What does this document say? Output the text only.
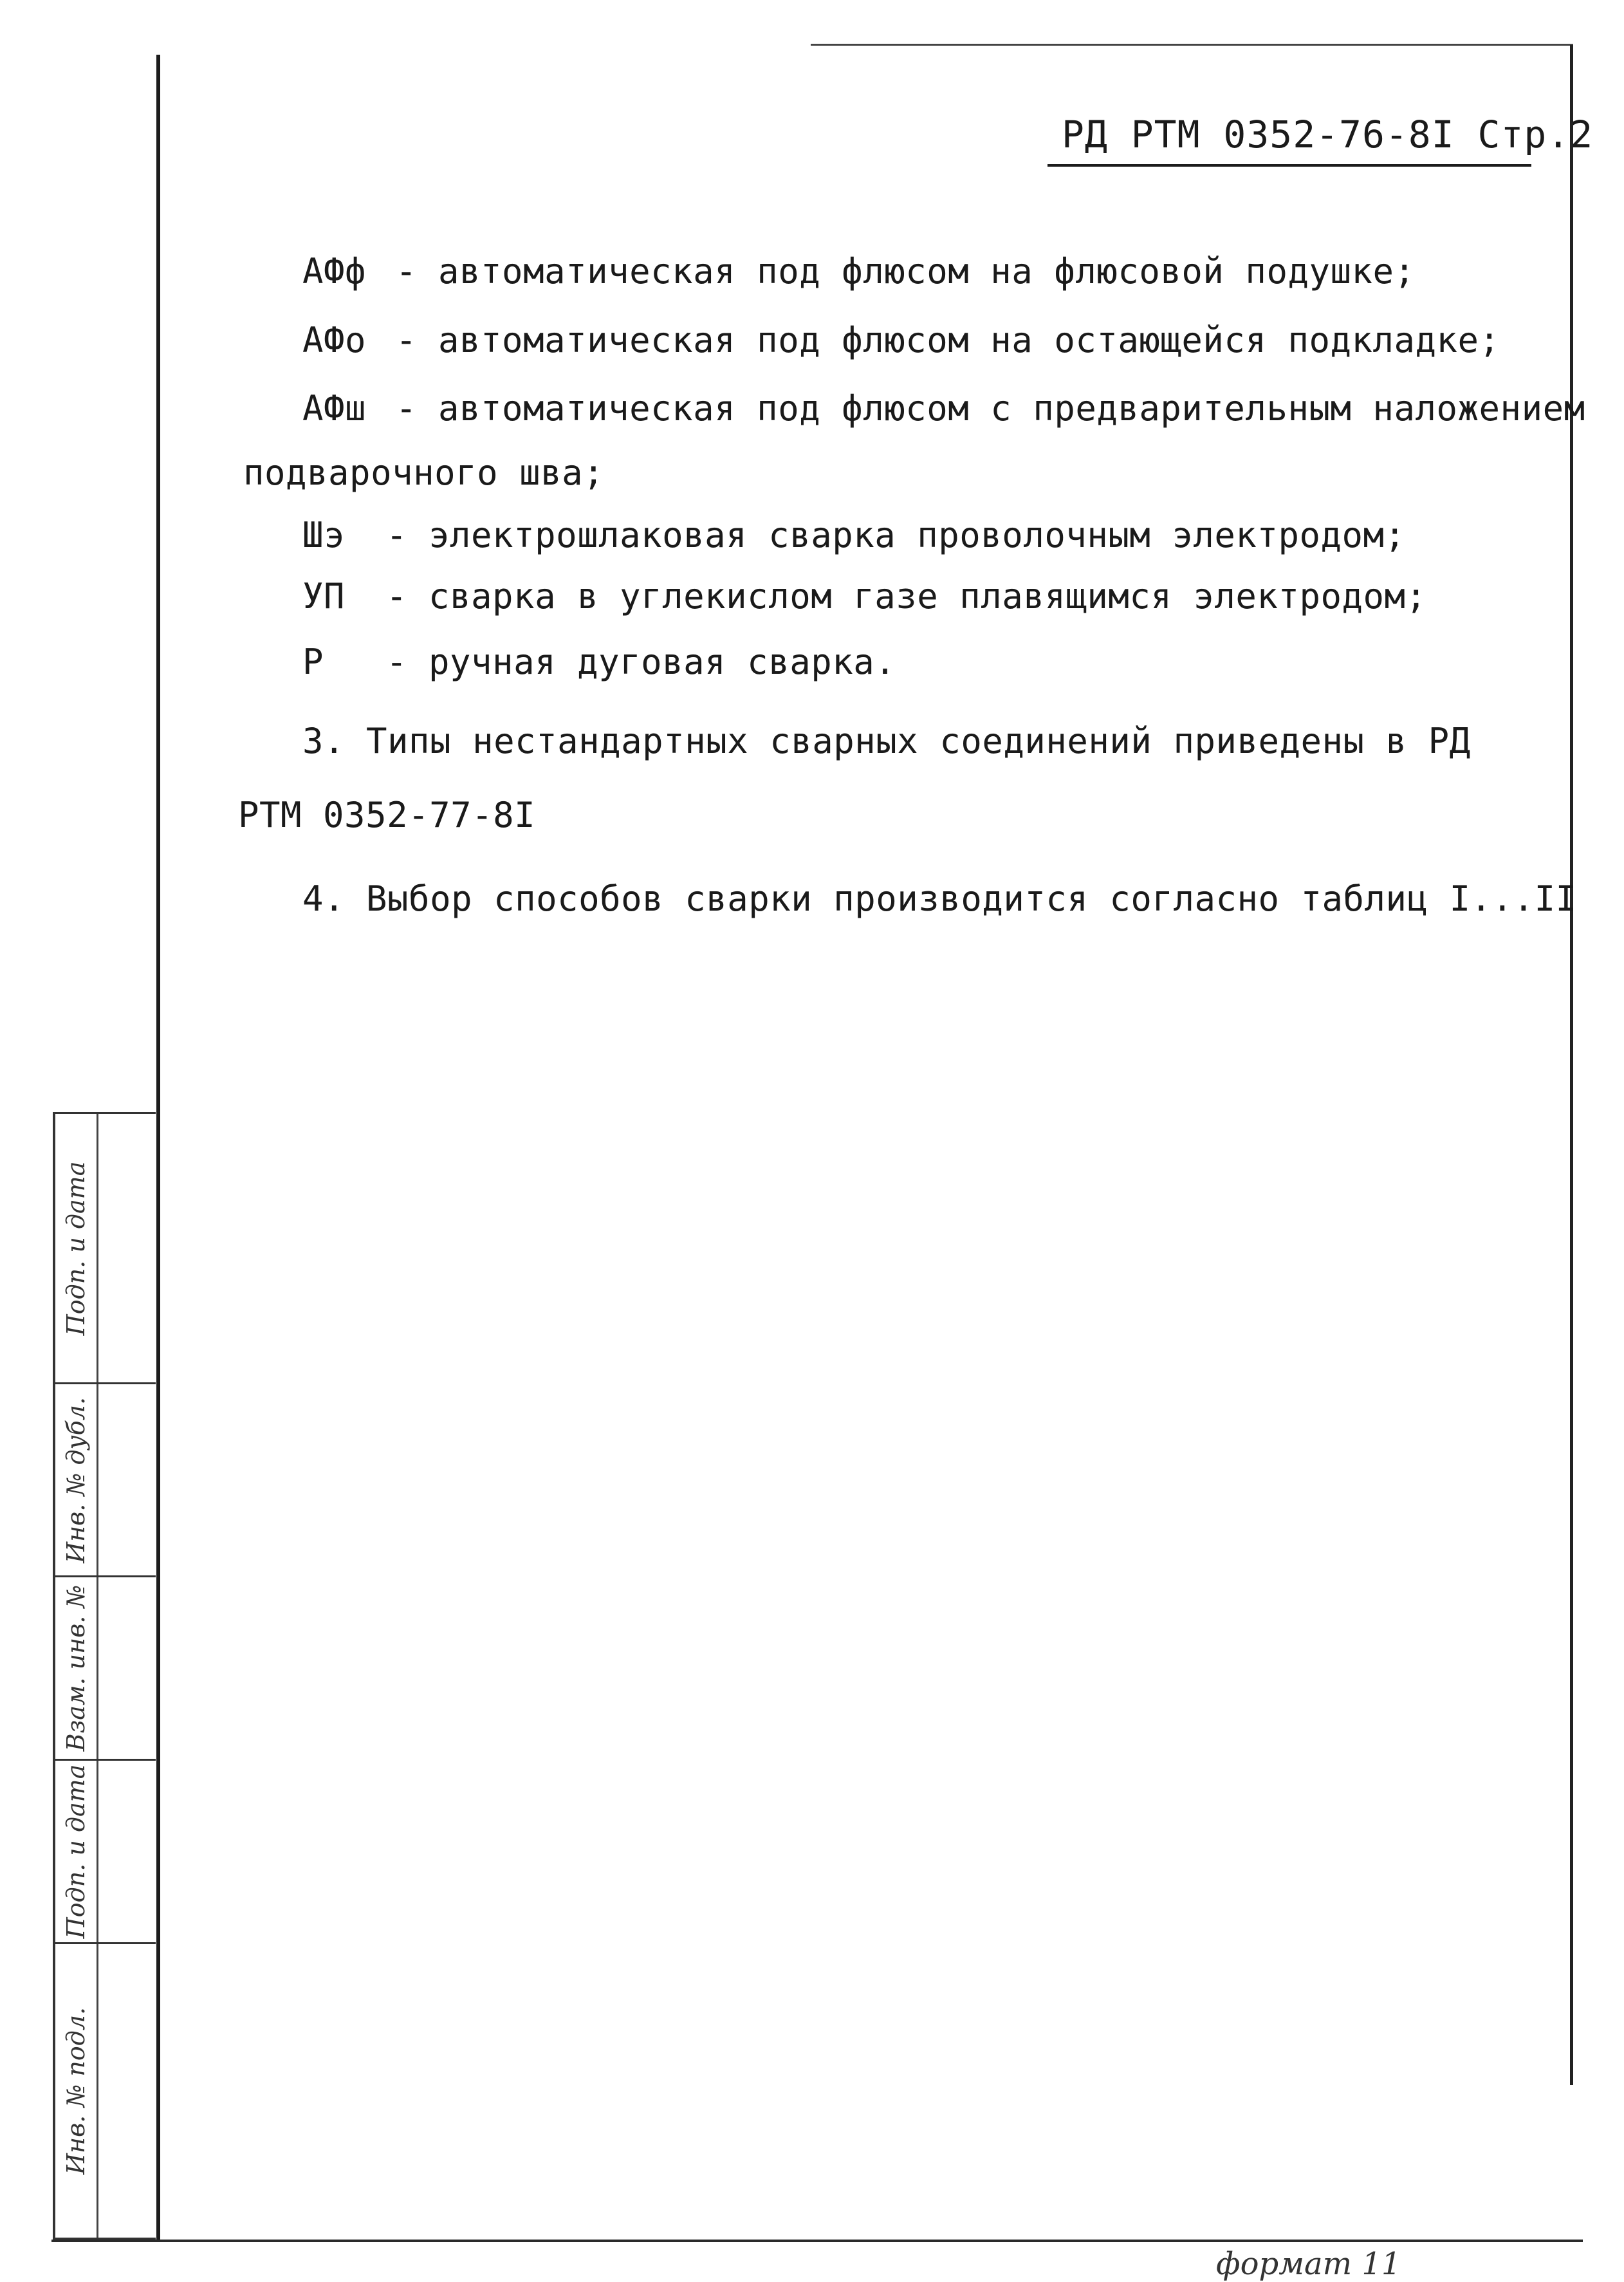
РД РТМ 0352-76-8І Стр.2
АФф - автоматическая под флюсом на флюсовой подушке;
АФо - автоматическая под флюсом на остающейся подкладке;
АФш - автоматическая под флюсом с предварительным наложением
подварочного шва;
Шэ - электрошлаковая сварка проволочным электродом;
УП - сварка в углекислом газе плавящимся электродом;
Р - ручная дуговая сварка.
3. Типы нестандартных сварных соединений приведены в РД
РТМ 0352-77-8І
4. Выбор способов сварки производится согласно таблиц І...ІІ
Подп. и дата
Инв. № дубл.
Взам. инв. №
Подп. и дата
Инв. № подл.
формат 11
